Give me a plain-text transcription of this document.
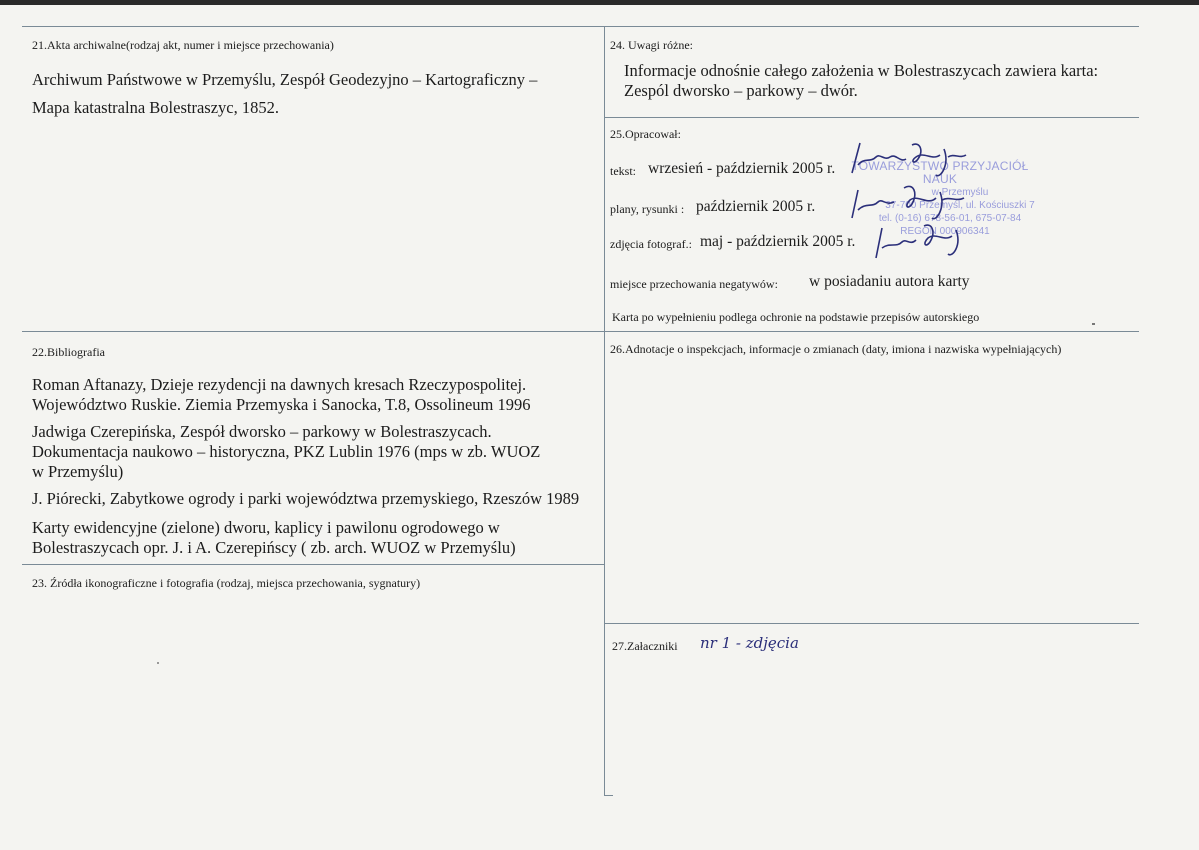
21.Akta archiwalne(rodzaj akt, numer i miejsce przechowania)
Archiwum Państwowe w Przemyślu, Zespół Geodezyjno – Kartograficzny –
Mapa katastralna Bolestraszyc, 1852.
24. Uwagi różne:
Informacje odnośnie całego założenia w Bolestraszycach zawiera karta:
Zespól dworsko – parkowy – dwór.
25.Opracował:
tekst: wrzesień - październik 2005 r.
plany, rysunki : październik 2005 r.
zdjęcia fotograf.: maj - październik 2005 r.
miejsce przechowania negatywów: w posiadaniu autora karty
Karta po wypełnieniu podlega ochronie na podstawie przepisów autorskiego
TOWARZYSTWO PRZYJACIÓŁ NAUK
w Przemyślu
37-700 Przemyśl, ul. Kościuszki 7
tel. (0-16) 678-56-01, 675-07-84
REGON 000906341
22.Bibliografia
Roman Aftanazy, Dzieje rezydencji na dawnych kresach Rzeczypospolitej.
Województwo Ruskie. Ziemia Przemyska i Sanocka, T.8, Ossolineum 1996
Jadwiga Czerepińska, Zespół dworsko – parkowy w Bolestraszycach.
Dokumentacja naukowo – historyczna, PKZ Lublin 1976 (mps w zb. WUOZ
w Przemyślu)
J. Piórecki, Zabytkowe ogrody i parki województwa przemyskiego, Rzeszów 1989
Karty ewidencyjne (zielone) dworu, kaplicy i pawilonu ogrodowego w
Bolestraszycach opr. J. i A. Czerepińscy ( zb. arch. WUOZ w Przemyślu)
26.Adnotacje o inspekcjach, informacje o zmianach (daty, imiona i nazwiska wypełniających)
23. Źródła ikonograficzne i fotografia (rodzaj, miejsca przechowania, sygnatury)
27.Załaczniki nr 1 - zdjęcia
